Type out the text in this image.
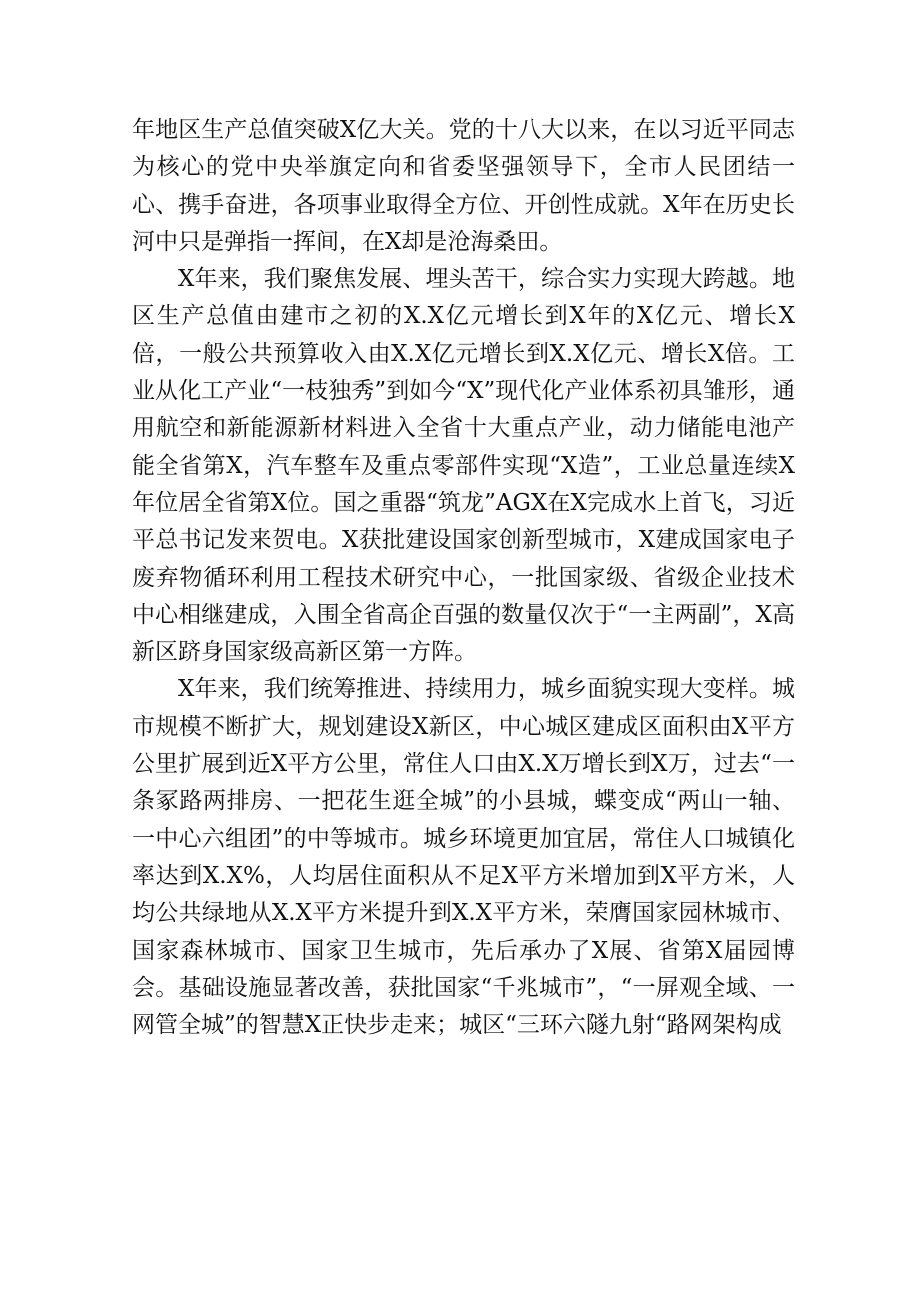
年地区生产总值突破X亿大关。党的十八大以来，在以习近平同志为核心的党中央举旗定向和省委坚强领导下，全市人民团结一心、携手奋进，各项事业取得全方位、开创性成就。X年在历史长河中只是弹指一挥间，在X却是沧海桑田。

X年来，我们聚焦发展、埋头苦干，综合实力实现大跨越。地区生产总值由建市之初的X.X亿元增长到X年的X亿元、增长X倍，一般公共预算收入由X.X亿元增长到X.X亿元、增长X倍。工业从化工产业“一枝独秀”到如今“X”现代化产业体系初具雏形，通用航空和新能源新材料进入全省十大重点产业，动力储能电池产能全省第X，汽车整车及重点零部件实现“X造”，工业总量连续X年位居全省第X位。国之重器“筑龙”AGX在X完成水上首飞，习近平总书记发来贺电。X获批建设国家创新型城市，X建成国家电子废弃物循环利用工程技术研究中心，一批国家级、省级企业技术中心相继建成，入围全省高企百强的数量仅次于“一主两副”，X高新区跻身国家级高新区第一方阵。

X年来，我们统筹推进、持续用力，城乡面貌实现大变样。城市规模不断扩大，规划建设X新区，中心城区建成区面积由X平方公里扩展到近X平方公里，常住人口由X.X万增长到X万，过去“一条冢路两排房、一把花生逛全城”的小县城，蝶变成“两山一轴、一中心六组团”的中等城市。城乡环境更加宜居，常住人口城镇化率达到X.X%，人均居住面积从不足X平方米增加到X平方米，人均公共绿地从X.X平方米提升到X.X平方米，荣膺国家园林城市、国家森林城市、国家卫生城市，先后承办了X展、省第X届园博会。基础设施显著改善，获批国家“千兆城市”，“一屏观全域、一网管全城”的智慧X正快步走来；城区“三环六隧九射“路网架构成
